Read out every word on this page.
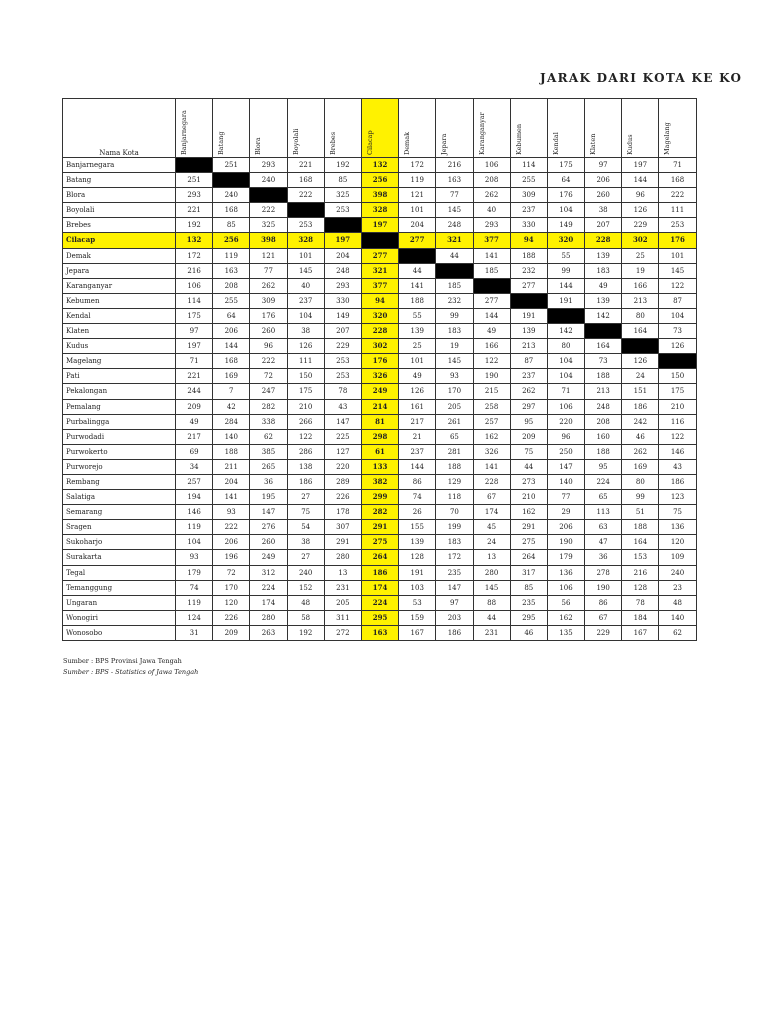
JARAK DARI KOTA KE KO
Nama Kota	Banjarnegara	Batang	Blora	Boyolali	Brebes	Cilacap	Demak	Jepara	Karanganyar	Kebumen	Kendal	Klaten	Kudus	Magelang

Banjarnegara		251	293	221	192	132	172	216	106	114	175	97	197	71
Batang	251		240	168	85	256	119	163	208	255	64	206	144	168
Blora	293	240		222	325	398	121	77	262	309	176	260	96	222
Boyolali	221	168	222		253	328	101	145	40	237	104	38	126	111
Brebes	192	85	325	253		197	204	248	293	330	149	207	229	253
Cilacap	132	256	398	328	197		277	321	377	94	320	228	302	176
Demak	172	119	121	101	204	277		44	141	188	55	139	25	101
Jepara	216	163	77	145	248	321	44		185	232	99	183	19	145
Karanganyar	106	208	262	40	293	377	141	185		277	144	49	166	122
Kebumen	114	255	309	237	330	94	188	232	277		191	139	213	87
Kendal	175	64	176	104	149	320	55	99	144	191		142	80	104
Klaten	97	206	260	38	207	228	139	183	49	139	142		164	73
Kudus	197	144	96	126	229	302	25	19	166	213	80	164		126
Magelang	71	168	222	111	253	176	101	145	122	87	104	73	126	
Pati	221	169	72	150	253	326	49	93	190	237	104	188	24	150
Pekalongan	244	7	247	175	78	249	126	170	215	262	71	213	151	175
Pemalang	209	42	282	210	43	214	161	205	258	297	106	248	186	210
Purbalingga	49	284	338	266	147	81	217	261	257	95	220	208	242	116
Purwodadi	217	140	62	122	225	298	21	65	162	209	96	160	46	122
Purwokerto	69	188	385	286	127	61	237	281	326	75	250	188	262	146
Purworejo	34	211	265	138	220	133	144	188	141	44	147	95	169	43
Rembang	257	204	36	186	289	382	86	129	228	273	140	224	80	186
Salatiga	194	141	195	27	226	299	74	118	67	210	77	65	99	123
Semarang	146	93	147	75	178	282	26	70	174	162	29	113	51	75
Sragen	119	222	276	54	307	291	155	199	45	291	206	63	188	136
Sukoharjo	104	206	260	38	291	275	139	183	24	275	190	47	164	120
Surakarta	93	196	249	27	280	264	128	172	13	264	179	36	153	109
Tegal	179	72	312	240	13	186	191	235	280	317	136	278	216	240
Temanggung	74	170	224	152	231	174	103	147	145	85	106	190	128	23
Ungaran	119	120	174	48	205	224	53	97	88	235	56	86	78	48
Wonogiri	124	226	280	58	311	295	159	203	44	295	162	67	184	140
Wonosobo	31	209	263	192	272	163	167	186	231	46	135	229	167	62
Sumber : BPS Provinsi Jawa Tengah
Sumber : BPS - Statistics of Jawa Tengah
